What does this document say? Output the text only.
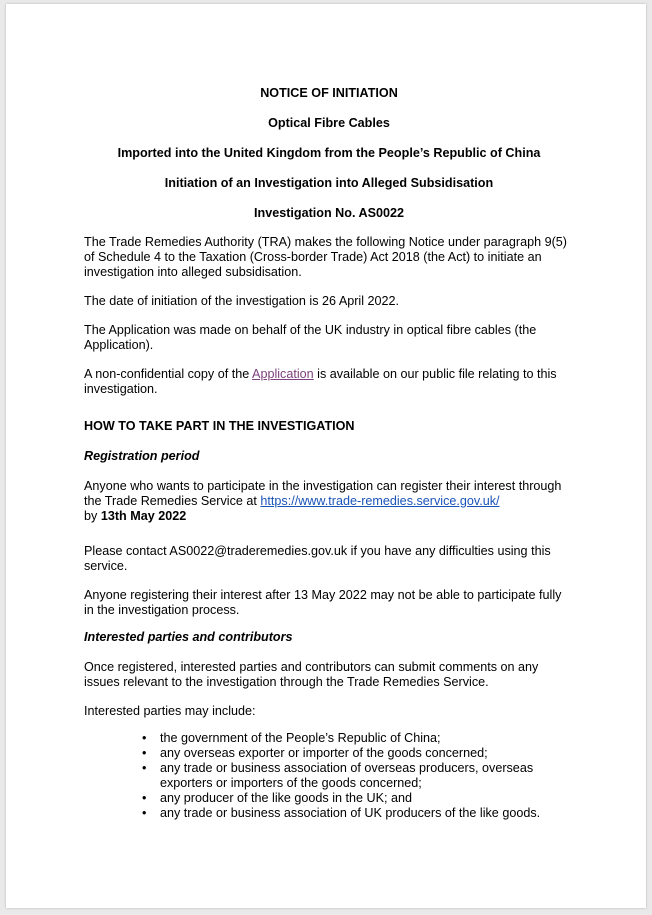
NOTICE OF INITIATION
Optical Fibre Cables
Imported into the United Kingdom from the People’s Republic of China
Initiation of an Investigation into Alleged Subsidisation
Investigation No. AS0022

The Trade Remedies Authority (TRA) makes the following Notice under paragraph 9(5) of Schedule 4 to the Taxation (Cross-border Trade) Act 2018 (the Act) to initiate an investigation into alleged subsidisation.

The date of initiation of the investigation is 26 April 2022.

The Application was made on behalf of the UK industry in optical fibre cables (the Application).

A non-confidential copy of the Application is available on our public file relating to this investigation.

HOW TO TAKE PART IN THE INVESTIGATION
Registration period

Anyone who wants to participate in the investigation can register their interest through the Trade Remedies Service at https://www.trade-remedies.service.gov.uk/
by 13th May 2022

Please contact AS0022@traderemedies.gov.uk if you have any difficulties using this service.

Anyone registering their interest after 13 May 2022 may not be able to participate fully in the investigation process.

Interested parties and contributors

Once registered, interested parties and contributors can submit comments on any issues relevant to the investigation through the Trade Remedies Service.

Interested parties may include:

• the government of the People’s Republic of China;
• any overseas exporter or importer of the goods concerned;
• any trade or business association of overseas producers, overseas exporters or importers of the goods concerned;
• any producer of the like goods in the UK; and
• any trade or business association of UK producers of the like goods.
